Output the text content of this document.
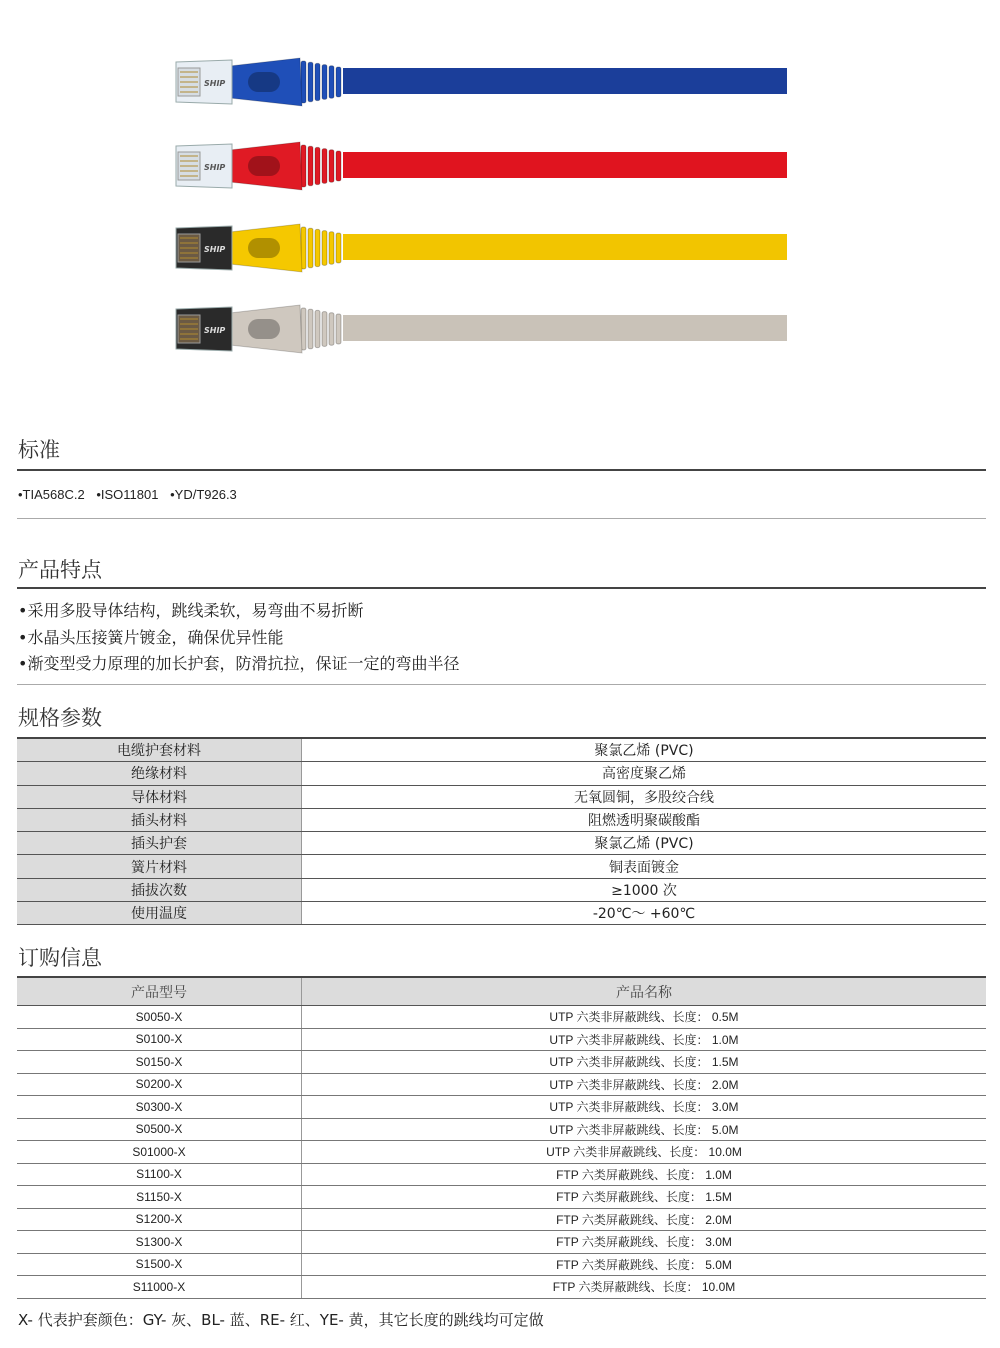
SHIP
SHIP
SHIP
SHIP
标准
•TIA568C.2 •ISO11801 •YD/T926.3
产品特点
•采用多股导体结构，跳线柔软，易弯曲不易折断
•水晶头压接簧片镀金，确保优异性能
•渐变型受力原理的加长护套，防滑抗拉，保证一定的弯曲半径
规格参数
电缆护套材料	聚氯乙烯 (PVC)
绝缘材料	高密度聚乙烯
导体材料	无氧圆铜，多股绞合线
插头材料	阻燃透明聚碳酸酯
插头护套	聚氯乙烯 (PVC)
簧片材料	铜表面镀金
插拔次数	≥1000 次
使用温度	-20℃～ +60℃
订购信息
产品型号	产品名称
S0050-X	UTP 六类非屏蔽跳线、长度： 0.5M
S0100-X	UTP 六类非屏蔽跳线、长度： 1.0M
S0150-X	UTP 六类非屏蔽跳线、长度： 1.5M
S0200-X	UTP 六类非屏蔽跳线、长度： 2.0M
S0300-X	UTP 六类非屏蔽跳线、长度： 3.0M
S0500-X	UTP 六类非屏蔽跳线、长度： 5.0M
S01000-X	UTP 六类非屏蔽跳线、长度： 10.0M
S1100-X	FTP 六类屏蔽跳线、长度： 1.0M
S1150-X	FTP 六类屏蔽跳线、长度： 1.5M
S1200-X	FTP 六类屏蔽跳线、长度： 2.0M
S1300-X	FTP 六类屏蔽跳线、长度： 3.0M
S1500-X	FTP 六类屏蔽跳线、长度： 5.0M
S11000-X	FTP 六类屏蔽跳线、长度： 10.0M
X- 代表护套颜色：GY- 灰、BL- 蓝、RE- 红、YE- 黄，其它长度的跳线均可定做
